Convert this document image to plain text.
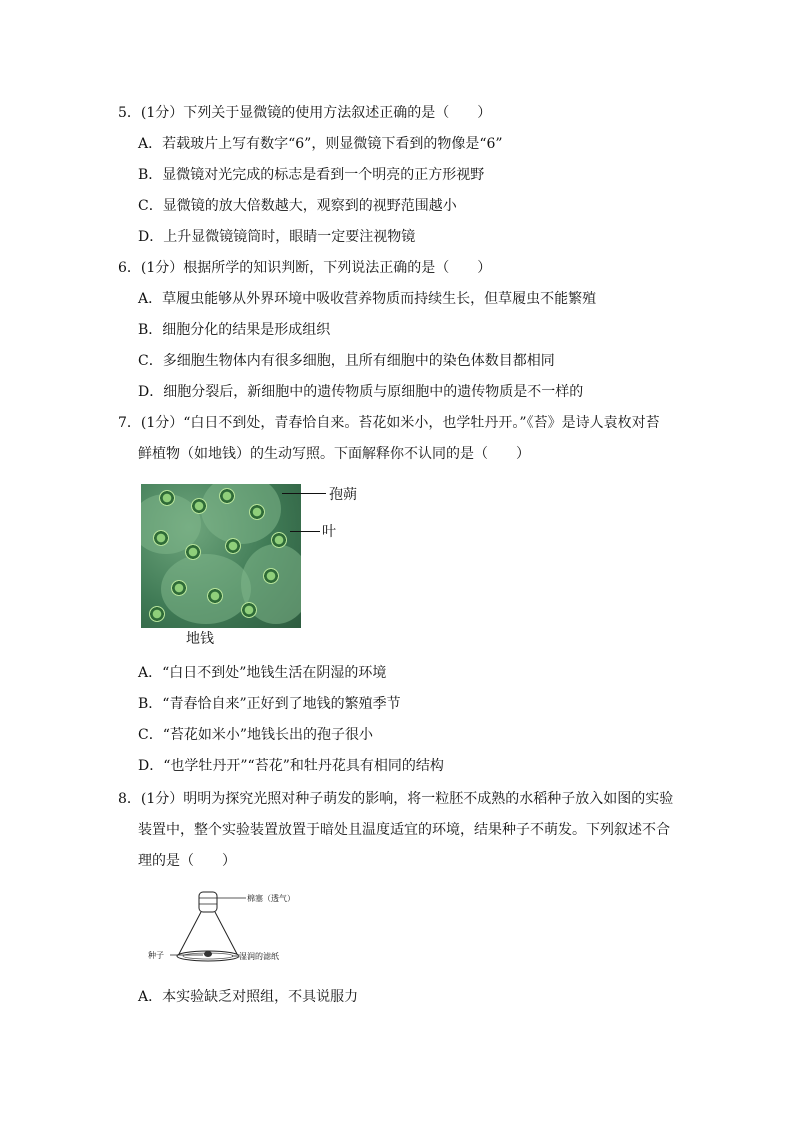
5．(1分）下列关于显微镜的使用方法叙述正确的是（　　）
A．若载玻片上写有数字“6”，则显微镜下看到的物像是“6”
B．显微镜对光完成的标志是看到一个明亮的正方形视野
C．显微镜的放大倍数越大，观察到的视野范围越小
D．上升显微镜镜筒时，眼睛一定要注视物镜
6．(1分）根据所学的知识判断，下列说法正确的是（　　）
A．草履虫能够从外界环境中吸收营养物质而持续生长，但草履虫不能繁殖
B．细胞分化的结果是形成组织
C．多细胞生物体内有很多细胞，且所有细胞中的染色体数目都相同
D．细胞分裂后，新细胞中的遗传物质与原细胞中的遗传物质是不一样的
7．(1分）“白日不到处，青春恰自来。苔花如米小，也学牡丹开。”《苔》是诗人袁枚对苔
鲜植物（如地钱）的生动写照。下面解释你不认同的是（　　）
孢蒴
叶
地钱
A．“白日不到处”地钱生活在阴湿的环境
B．“青春恰自来”正好到了地钱的繁殖季节
C．“苔花如米小”地钱长出的孢子很小
D．“也学牡丹开”“苔花”和牡丹花具有相同的结构
8．(1分）明明为探究光照对种子萌发的影响，将一粒胚不成熟的水稻种子放入如图的实验
装置中，整个实验装置放置于暗处且温度适宜的环境，结果种子不萌发。下列叙述不合
理的是（　　）
棉塞（透气）
种子	湿润的滤纸
A．本实验缺乏对照组，不具说服力
